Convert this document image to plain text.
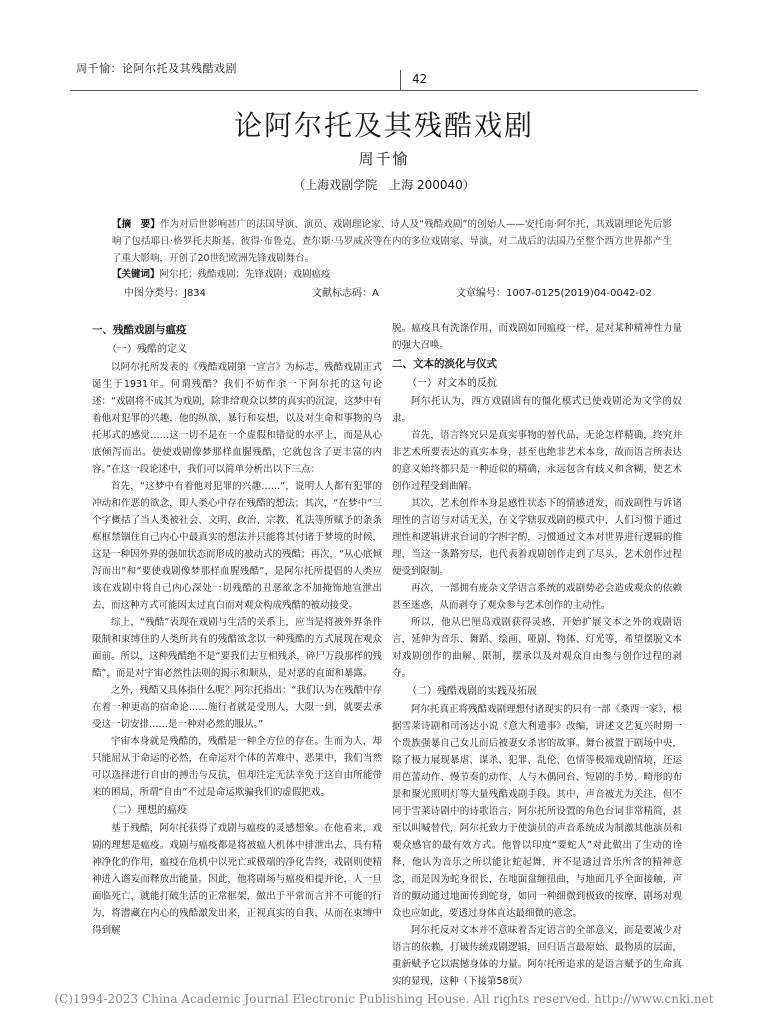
周千愉：论阿尔托及其残酷戏剧
42
论阿尔托及其残酷戏剧
周千愉
（上海戏剧学院　上海 200040）
【摘　要】作为对后世影响甚广的法国导演、演员、戏剧理论家、诗人及“残酷戏剧”的创始人——安托南·阿尔托，其戏剧理论先后影响了包括耶日·格罗托夫斯基、彼得·布鲁克、查尔斯·马罗威茨等在内的多位戏剧家、导演，对二战后的法国乃至整个西方世界都产生了重大影响，开创了20世纪欧洲先锋戏剧舞台。
【关键词】阿尔托；残酷戏剧；先锋戏剧；戏剧瘟疫
中图分类号：J834	文献标志码：A	文章编号：1007-0125(2019)04-0042-02

一、残酷戏剧与瘟疫

（一）残酷的定义

以阿尔托所发表的《残酷戏剧第一宣言》为标志，残酷戏剧正式诞生于1931年。何谓残酷？我们不妨作余一下阿尔托的这句论述：“戏剧将不成其为戏剧，除非给观众以梦的真实的沉淀，这梦中有着他对犯罪的兴趣，他的纵欲，暴行和妄想，以及对生命和事物的乌托邦式的感觉……这一切不是在一个虚假和错觉的水平上，而是从心底倾泻而出。使使戏剧像梦那样血腥残酷，它就包含了更丰富的内容。”在这一段论述中，我们可以简单分析出以下三点：

首先，“这梦中有着他对犯罪的兴趣……”，说明人人都有犯罪的冲动和作恶的欲念，即人类心中存在残酷的想法；其次，“在梦中”三个字概括了当人类被社会、文明、政治、宗教、礼法等所赋予的条条框框禁锢住自己内心中最真实的想法并只能将其付诸于梦境的时候，这是一种因外界的强加状态而形成的被动式的残酷；再次，“从心底倾泻而出”和“要使戏剧像梦那样血腥残酷”，是阿尔托所提倡的人类应该在戏剧中将自己内心深处一切残酷的丑恶欲念不加掩饰地宣泄出去，而这种方式可能因太过直白而对观众构成残酷的被动接受。

综上，“残酷”表现在戏剧与生活的关系上，应当是将被外界条件限制和束缚住的人类所共有的残酷欲念以一种残酷的方式展现在观众面前。所以，这种残酷绝不是“要我们去互相残杀，碎尸万段那样的残酷”，而是对宇宙必然性法则的揭示和顺从，是对恶的直面和暴露。

之外，残酷又具体指什么呢？阿尔托指出：“我们认为在残酷中存在着一种更高的宿命论……施行者就是受刑人，大限一到，就要去承受这一切安排……是一种对必然的服从。”

宇宙本身就是残酷的，残酷是一种全方位的存在。生而为人，却只能屈从于命运的必然，在命运对个体的苦难中、恶果中，我们当然可以选择进行自由的搏击与反抗，但却注定无法幸免于这自由所能带来的困局，所谓“自由”不过是命运欺骗我们的虚假把戏。

（二）理想的瘟疫

基于残酷，阿尔托获得了戏剧与瘟疫的灵感想象。在他看来，戏剧的理想是瘟疫。戏剧与瘟疫都是将被瘟人机体中排泄出去，具有精神净化的作用，瘟疫在危机中以死亡或极端的净化告终，戏剧则使精神进入谵妄而释放出能量。因此，他将剧场与瘟疫相提并论，人一旦面临死亡，就能打破生活的正常框架，做出于平常而言并不可能的行为，将潜藏在内心的残酷激发出来，正视真实的自我，从而在束缚中得到解

脱。瘟疫具有洗涤作用，而戏剧如同瘟疫一样，是对某种精神性力量的强大召唤。

二、文本的淡化与仪式

（一）对文本的反抗

阿尔托认为，西方戏剧固有的僵化模式已使戏剧沦为文学的奴隶。

首先，语言终究只是真实事物的替代品，无论怎样精确，终究并非艺术所要表达的真实本身，甚至也绝非艺术本身，故而语言所表达的意义始终都只是一种近似的精确，永远包含有歧义和含糊，使艺术创作过程受到曲解。

其次，艺术创作本身是感性状态下的情感迸发，而戏剧性与诉诸理性的言语与对话无关，在文学辖驭戏剧的模式中，人们习惯于通过理性和逻辑讲求台词的字斟字酌，习惯通过文本对世界进行逻辑的推理，当这一条路穷尽，也代表着戏剧创作走到了尽头，艺术创作过程便受到限制。

再次，一部拥有庞杂文学语言系统的戏剧势必会造成观众的依赖甚至迷惑，从而剥夺了观众参与艺术创作的主动性。

所以，他从巴厘岛戏剧获得灵感，开始扩展文本之外的戏剧语言，延伸为音乐、舞蹈、绘画、哑剧、物体、灯光等，希望摆脱文本对戏剧创作的曲解、限制，摆承以及对观众自由参与创作过程的剥夺。

（二）残酷戏剧的实践及拓展

阿尔托真正将残酷戏剧理想付诸现实的只有一部《桑西一家》，根据雪莱诗剧和司汤达小说《意大利遗事》改编，讲述文艺复兴时期一个贵族强暴自己女儿而后被妻女杀害的故事。舞台被置于剧场中央，除了极力展现暴虐、谋杀、犯罪、乱伦、色情等极端戏剧情境，还运用芭蕾动作、慢节奏的动作、人与木偶同台、短剧的手势、畸形的布景和聚光照明灯等大量残酷戏剧手段。其中，声音被尤为关注，但不同于雪莱诗剧中的诗歌语言，阿尔托所设置的角色台词非常精简，甚至以叫喊替代，阿尔托致力于使演员的声音系统成为制激其他演员和观众感官的最有效方式。他曾以印度“要蛇人”对此做出了生动的诠释，他认为音乐之所以能让蛇起舞，并不是透过音乐所含的精神意念，而是因为蛇身很长，在地面盘缠扭曲，与地面几乎全面接触，声音的颤动通过地面传到蛇身，如同一种细微到极致的按摩，剧场对观众也应如此，要透过身体直达最细微的意念。

阿尔托反对文本并不意味着否定语言的全部意义，而是要减少对语言的依赖，打破传统戏剧逻辑，回归语言最原始、最物质的层面，重新赋予它以震撼身体的力量。阿尔托所追求的是语言赋予的生命真实的显现，这种（下接第58页）

(C)1994-2023 China Academic Journal Electronic Publishing House. All rights reserved. http://www.cnki.net
